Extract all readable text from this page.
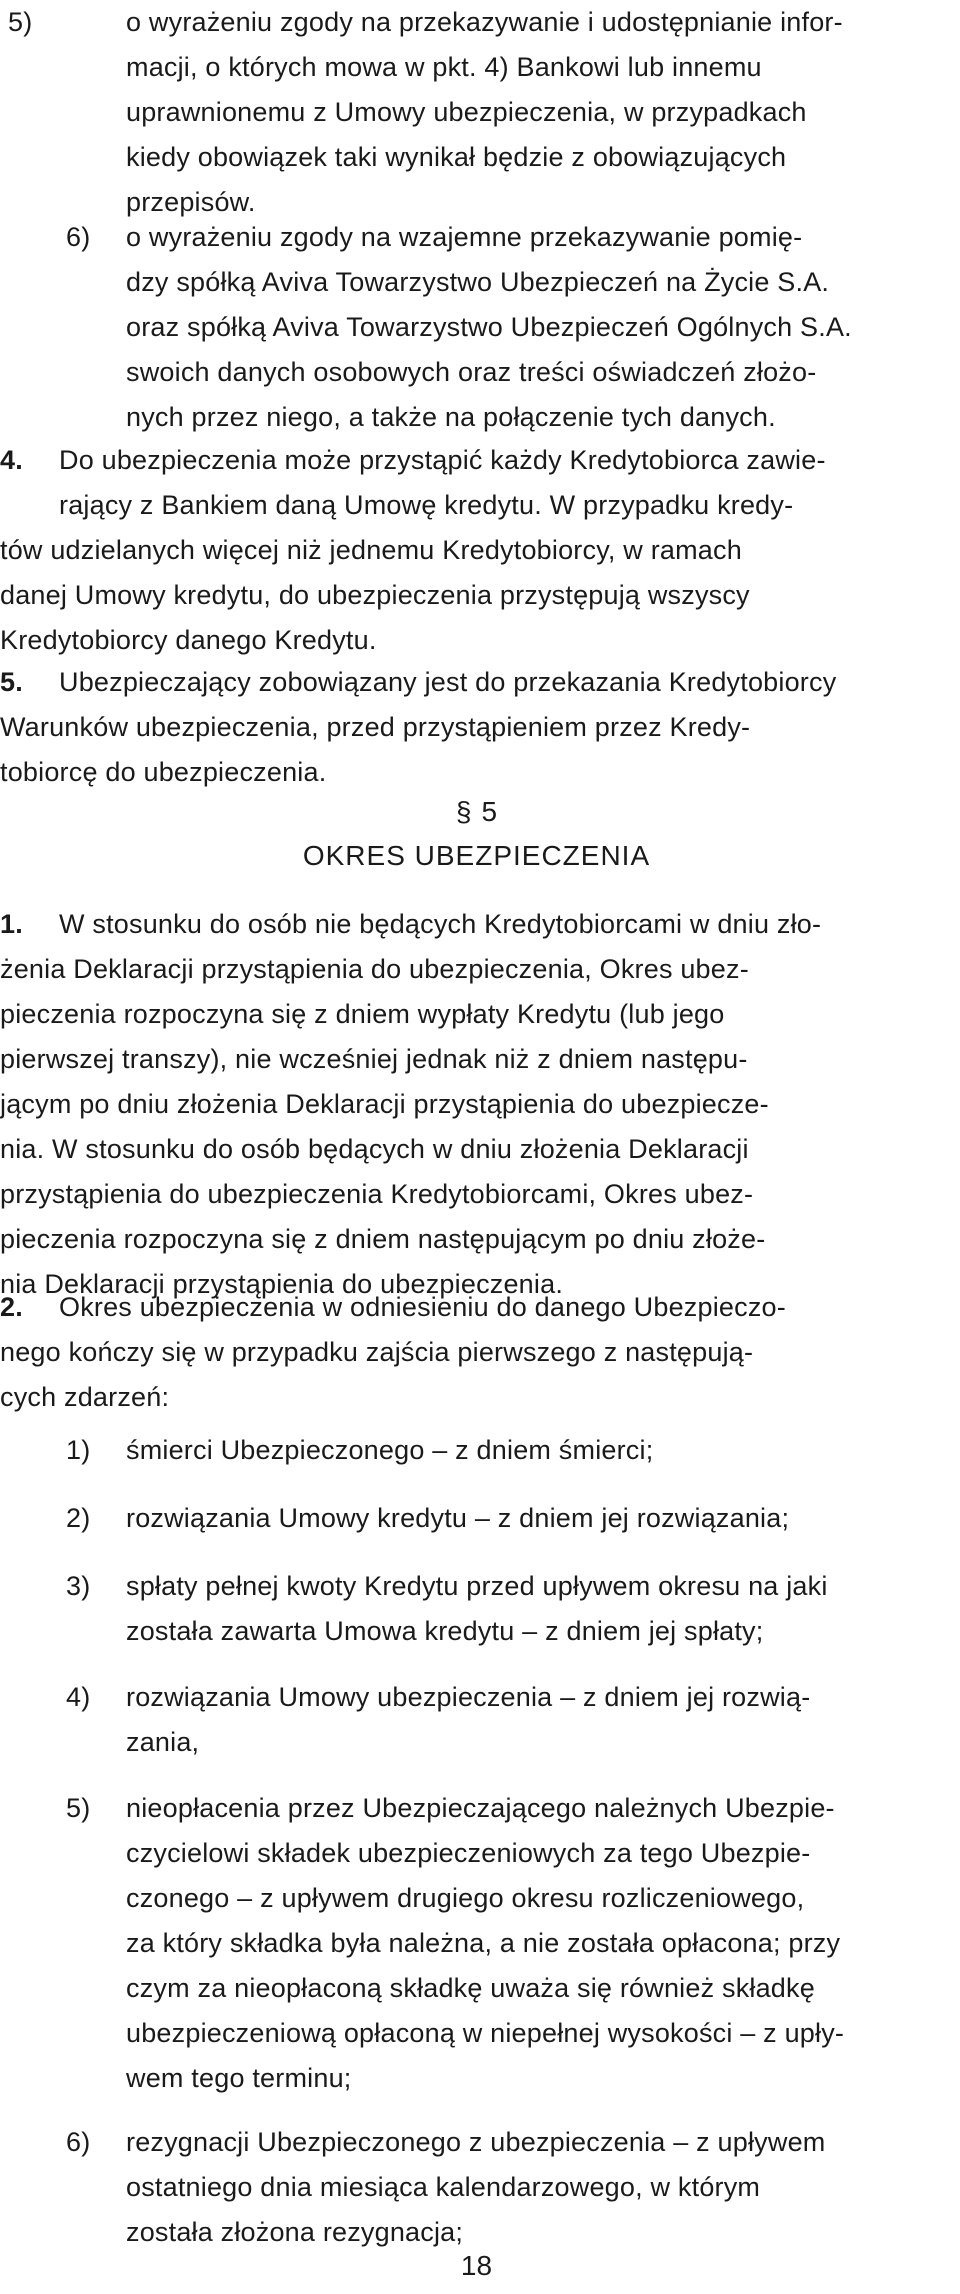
5)	o wyrażeniu zgody na przekazywanie i udostępnianie infor-
macji, o których mowa w pkt. 4) Bankowi lub innemu
uprawnionemu z Umowy ubezpieczenia, w przypadkach
kiedy obowiązek taki wynikał będzie z obowiązujących
przepisów.
6) o wyrażeniu zgody na wzajemne przekazywanie pomię-
dzy spółką Aviva Towarzystwo Ubezpieczeń na Życie S.A.
oraz spółką Aviva Towarzystwo Ubezpieczeń Ogólnych S.A.
swoich danych osobowych oraz treści oświadczeń złożo-
nych przez niego, a także na połączenie tych danych.
4. Do ubezpieczenia może przystąpić każdy Kredytobiorca zawie-
rający z Bankiem daną Umowę kredytu. W przypadku kredy-
tów udzielanych więcej niż jednemu Kredytobiorcy, w ramach
danej Umowy kredytu, do ubezpieczenia przystępują wszyscy
Kredytobiorcy danego Kredytu.
5. Ubezpieczający zobowiązany jest do przekazania Kredytobiorcy
Warunków ubezpieczenia, przed przystąpieniem przez Kredy-
tobiorcę do ubezpieczenia.
§ 5
OKRES UBEZPIECZENIA
1. W stosunku do osób nie będących Kredytobiorcami w dniu zło-
żenia Deklaracji przystąpienia do ubezpieczenia, Okres ubez-
pieczenia rozpoczyna się z dniem wypłaty Kredytu (lub jego
pierwszej transzy), nie wcześniej jednak niż z dniem następu-
jącym po dniu złożenia Deklaracji przystąpienia do ubezpiecze-
nia. W stosunku do osób będących w dniu złożenia Deklaracji
przystąpienia do ubezpieczenia Kredytobiorcami, Okres ubez-
pieczenia rozpoczyna się z dniem następującym po dniu złoże-
nia Deklaracji przystąpienia do ubezpieczenia.
2. Okres ubezpieczenia w odniesieniu do danego Ubezpieczo-
nego kończy się w przypadku zajścia pierwszego z następują-
cych zdarzeń:
1) śmierci Ubezpieczonego – z dniem śmierci;
2) rozwiązania Umowy kredytu – z dniem jej rozwiązania;
3) spłaty pełnej kwoty Kredytu przed upływem okresu na jaki
została zawarta Umowa kredytu – z dniem jej spłaty;
4) rozwiązania Umowy ubezpieczenia – z dniem jej rozwią-
zania,
5) nieopłacenia przez Ubezpieczającego należnych Ubezpie-
czycielowi składek ubezpieczeniowych za tego Ubezpie-
czonego – z upływem drugiego okresu rozliczeniowego,
za który składka była należna, a nie została opłacona; przy
czym za nieopłaconą składkę uważa się również składkę
ubezpieczeniową opłaconą w niepełnej wysokości – z upły-
wem tego terminu;
6) rezygnacji Ubezpieczonego z ubezpieczenia – z upływem
ostatniego dnia miesiąca kalendarzowego, w którym
została złożona rezygnacja;
18
